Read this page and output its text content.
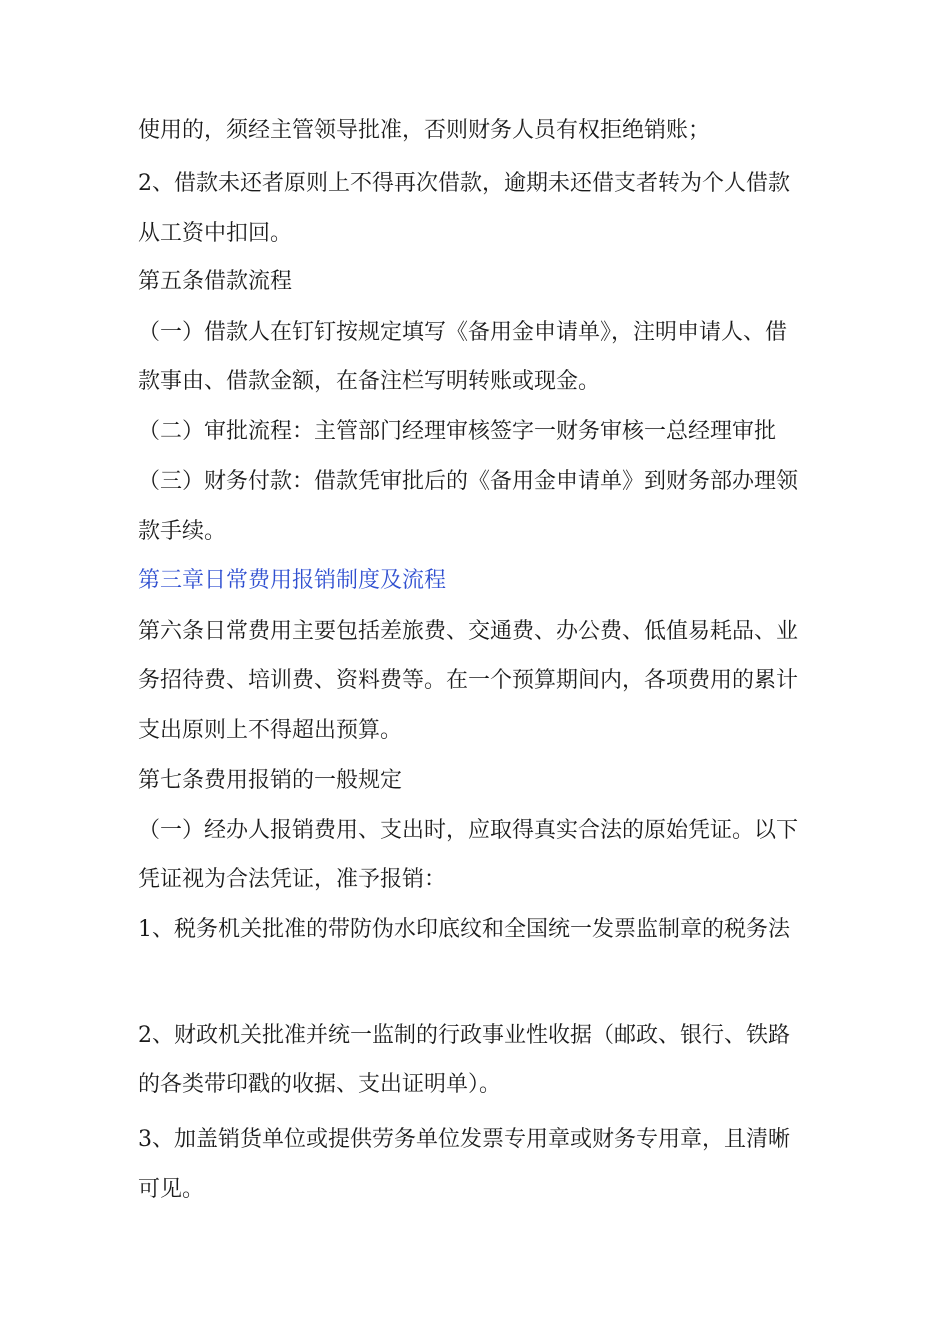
使用的，须经主管领导批准，否则财务人员有权拒绝销账；
2、借款未还者原则上不得再次借款，逾期未还借支者转为个人借款
从工资中扣回。
第五条借款流程
（一）借款人在钉钉按规定填写《备用金申请单》，注明申请人、借
款事由、借款金额，在备注栏写明转账或现金。
（二）审批流程：主管部门经理审核签字一财务审核一总经理审批
（三）财务付款：借款凭审批后的《备用金申请单》到财务部办理领
款手续。
第三章日常费用报销制度及流程
第六条日常费用主要包括差旅费、交通费、办公费、低值易耗品、业
务招待费、培训费、资料费等。在一个预算期间内，各项费用的累计
支出原则上不得超出预算。
第七条费用报销的一般规定
（一）经办人报销费用、支出时，应取得真实合法的原始凭证。以下
凭证视为合法凭证，准予报销：
1、税务机关批准的带防伪水印底纹和全国统一发票监制章的税务法
2、财政机关批准并统一监制的行政事业性收据（邮政、银行、铁路
的各类带印戳的收据、支出证明单）。
3、加盖销货单位或提供劳务单位发票专用章或财务专用章，且清晰
可见。
